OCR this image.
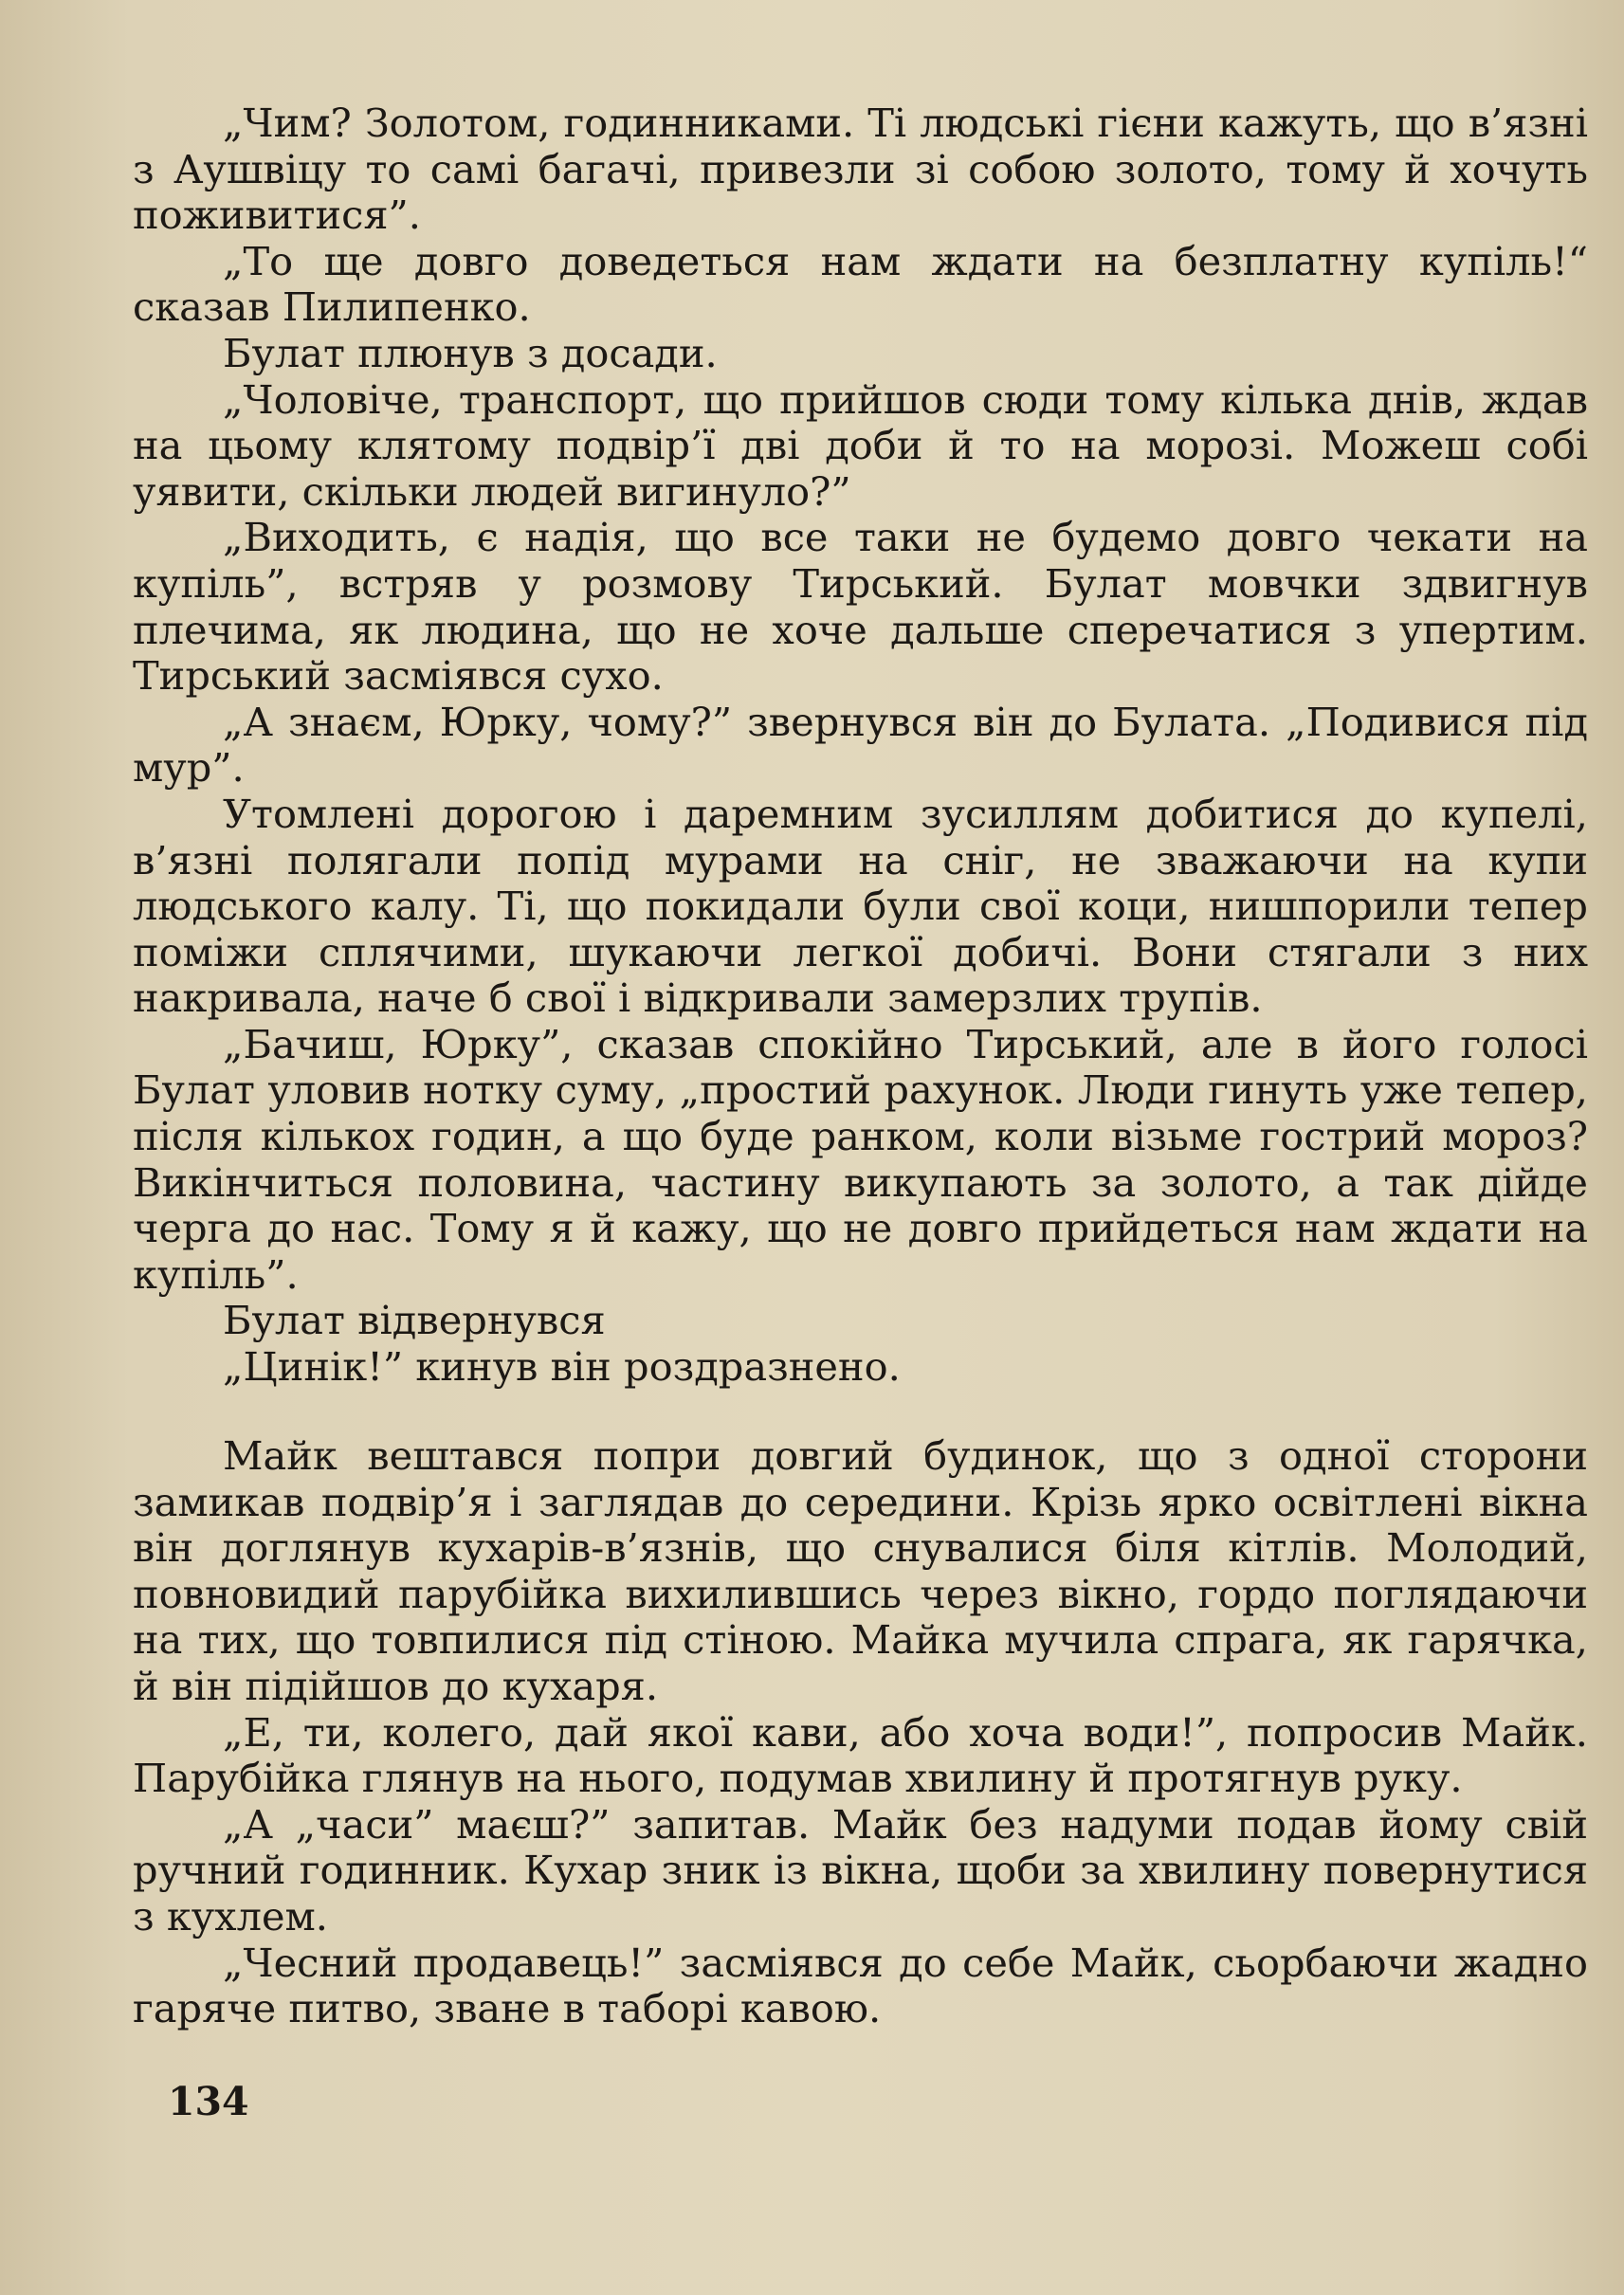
„Чим? Золотом, годинниками. Ті людські гієни кажуть, що в’язні з Аушвіцу то самі багачі, привезли зі собою золото, тому й хочуть поживитися”.

„То ще довго доведеться нам ждати на безплатну купіль!“ сказав Пилипенко.

Булат плюнув з досади.

„Чоловіче, транспорт, що прийшов сюди тому кілька днів, ждав на цьому клятому подвір’ї дві доби й то на морозі. Можеш собі уявити, скільки людей вигинуло?”

„Виходить, є надія, що все таки не будемо довго чекати на купіль”, встряв у розмову Тирський. Булат мовчки здвигнув плечима, як людина, що не хоче дальше сперечатися з упертим. Тирський засміявся сухо.

„А знаєм, Юрку, чому?” звернувся він до Булата. „Подивися під мур”.

Утомлені дорогою і даремним зусиллям добитися до купелі, в’язні полягали попід мурами на сніг, не зважаючи на купи людського калу. Ті, що покидали були свої коци, нишпорили тепер поміжи сплячими, шукаючи легкої добичі. Вони стягали з них накривала, наче б свої і відкривали замерзлих трупів.

„Бачиш, Юрку”, сказав спокійно Тирський, але в його голосі Булат уловив нотку суму, „простий рахунок. Люди гинуть уже тепер, після кількох годин, а що буде ранком, коли візьме гострий мороз? Викінчиться половина, частину викупають за золото, а так дійде черга до нас. Тому я й кажу, що не довго прийдеться нам ждати на купіль”.

Булат відвернувся

„Цинік!” кинув він роздразнено.

Майк вештався попри довгий будинок, що з одної сторони замикав подвір’я і заглядав до середини. Крізь ярко освітлені вікна він доглянув кухарів-в’язнів, що снувалися біля кітлів. Молодий, повновидий парубійка вихилившись через вікно, гордо поглядаючи на тих, що товпилися під стіною. Майка мучила спрага, як гарячка, й він підійшов до кухаря.

„Е, ти, колего, дай якої кави, або хоча води!”, попросив Майк. Парубійка глянув на нього, подумав хвилину й протягнув руку.

„А „часи” маєш?” запитав. Майк без надуми подав йому свій ручний годинник. Кухар зник із вікна, щоби за хвилину повернутися з кухлем.

„Чесний продавець!” засміявся до себе Майк, сьорбаючи жадно гаряче питво, зване в таборі кавою.

134
